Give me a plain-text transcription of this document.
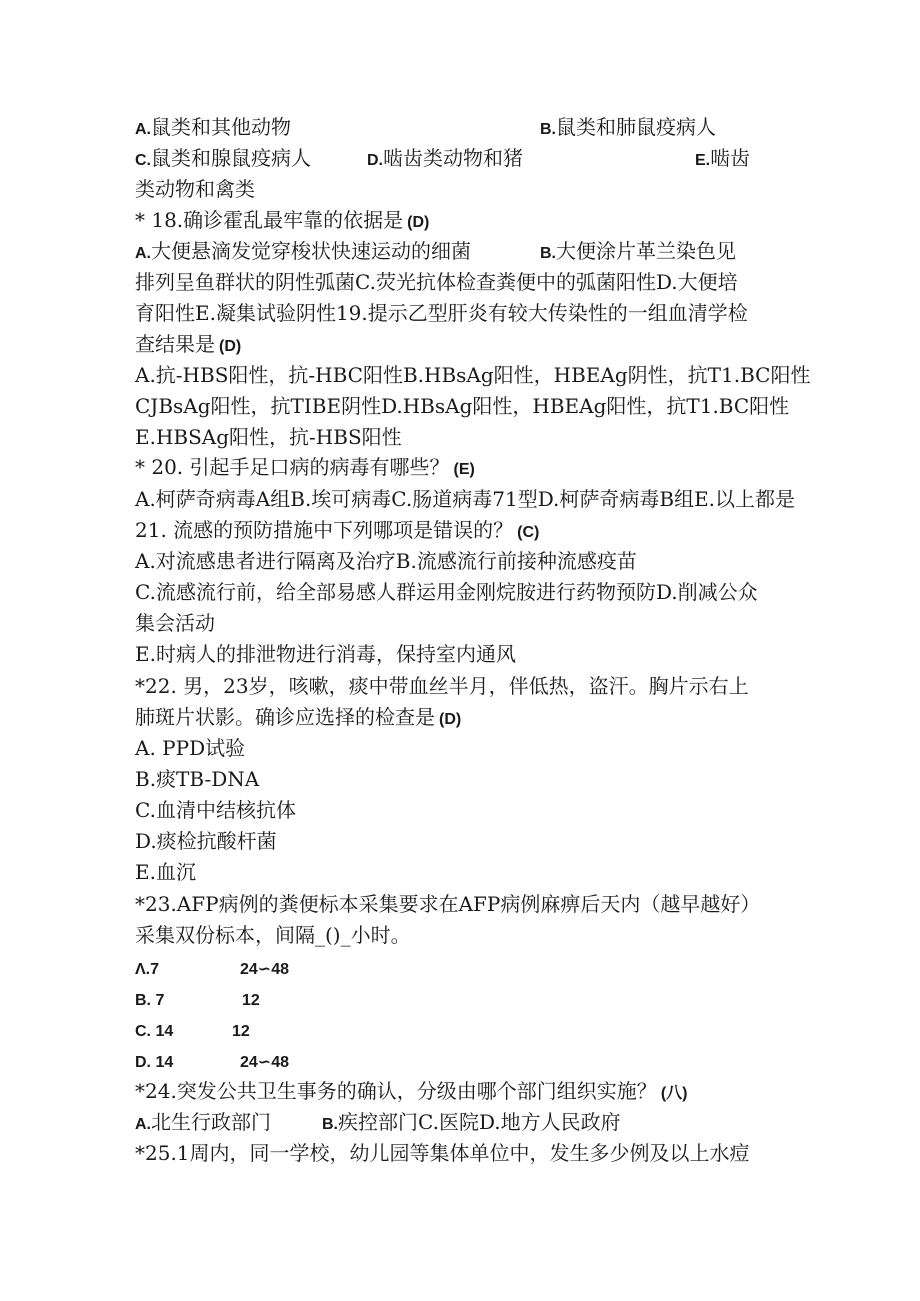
A.鼠类和其他动物	B.鼠类和肺鼠疫病人
C.鼠类和腺鼠疫病人	D.啮齿类动物和猪	E.啮齿
类动物和禽类
* 18.确诊霍乱最牢靠的依据是 (D)
A.大便悬滴发觉穿梭状快速运动的细菌	B.大便涂片革兰染色见
排列呈鱼群状的阴性弧菌C.荧光抗体检查粪便中的弧菌阳性D.大便培
育阳性E.凝集试验阴性19.提示乙型肝炎有较大传染性的一组血清学检
查结果是 (D)
A.抗-HBS阳性，抗-HBC阳性B.HBsAg阳性，HBEAg阴性，抗T1.BC阳性
CJBsAg阳性，抗TIBE阴性D.HBsAg阳性，HBEAg阳性，抗T1.BC阳性
E.HBSAg阳性，抗-HBS阳性
* 20. 引起手足口病的病毒有哪些？ (E)
A.柯萨奇病毒A组B.埃可病毒C.肠道病毒71型D.柯萨奇病毒B组E.以上都是
21. 流感的预防措施中下列哪项是错误的？ (C)
A.对流感患者进行隔离及治疗B.流感流行前接种流感疫苗
C.流感流行前，给全部易感人群运用金刚烷胺进行药物预防D.削减公众
集会活动
E.时病人的排泄物进行消毒，保持室内通风
*22. 男，23岁，咳嗽，痰中带血丝半月，伴低热，盗汗。胸片示右上
肺斑片状影。确诊应选择的检查是 (D)
A. PPD试验
B.痰TB-DNA
C.血清中结核抗体
D.痰检抗酸杆菌
E.血沉
*23.AFP病例的粪便标本采集要求在AFP病例麻痹后天内（越早越好）
采集双份标本，间隔_()_小时。
Λ.7	24∽48
B. 7	12
C. 14	12
D. 14	24∽48
*24.突发公共卫生事务的确认，分级由哪个部门组织实施？ (八)
A.北生行政部门	B.疾控部门C.医院D.地方人民政府
*25.1周内，同一学校，幼儿园等集体单位中，发生多少例及以上水痘
